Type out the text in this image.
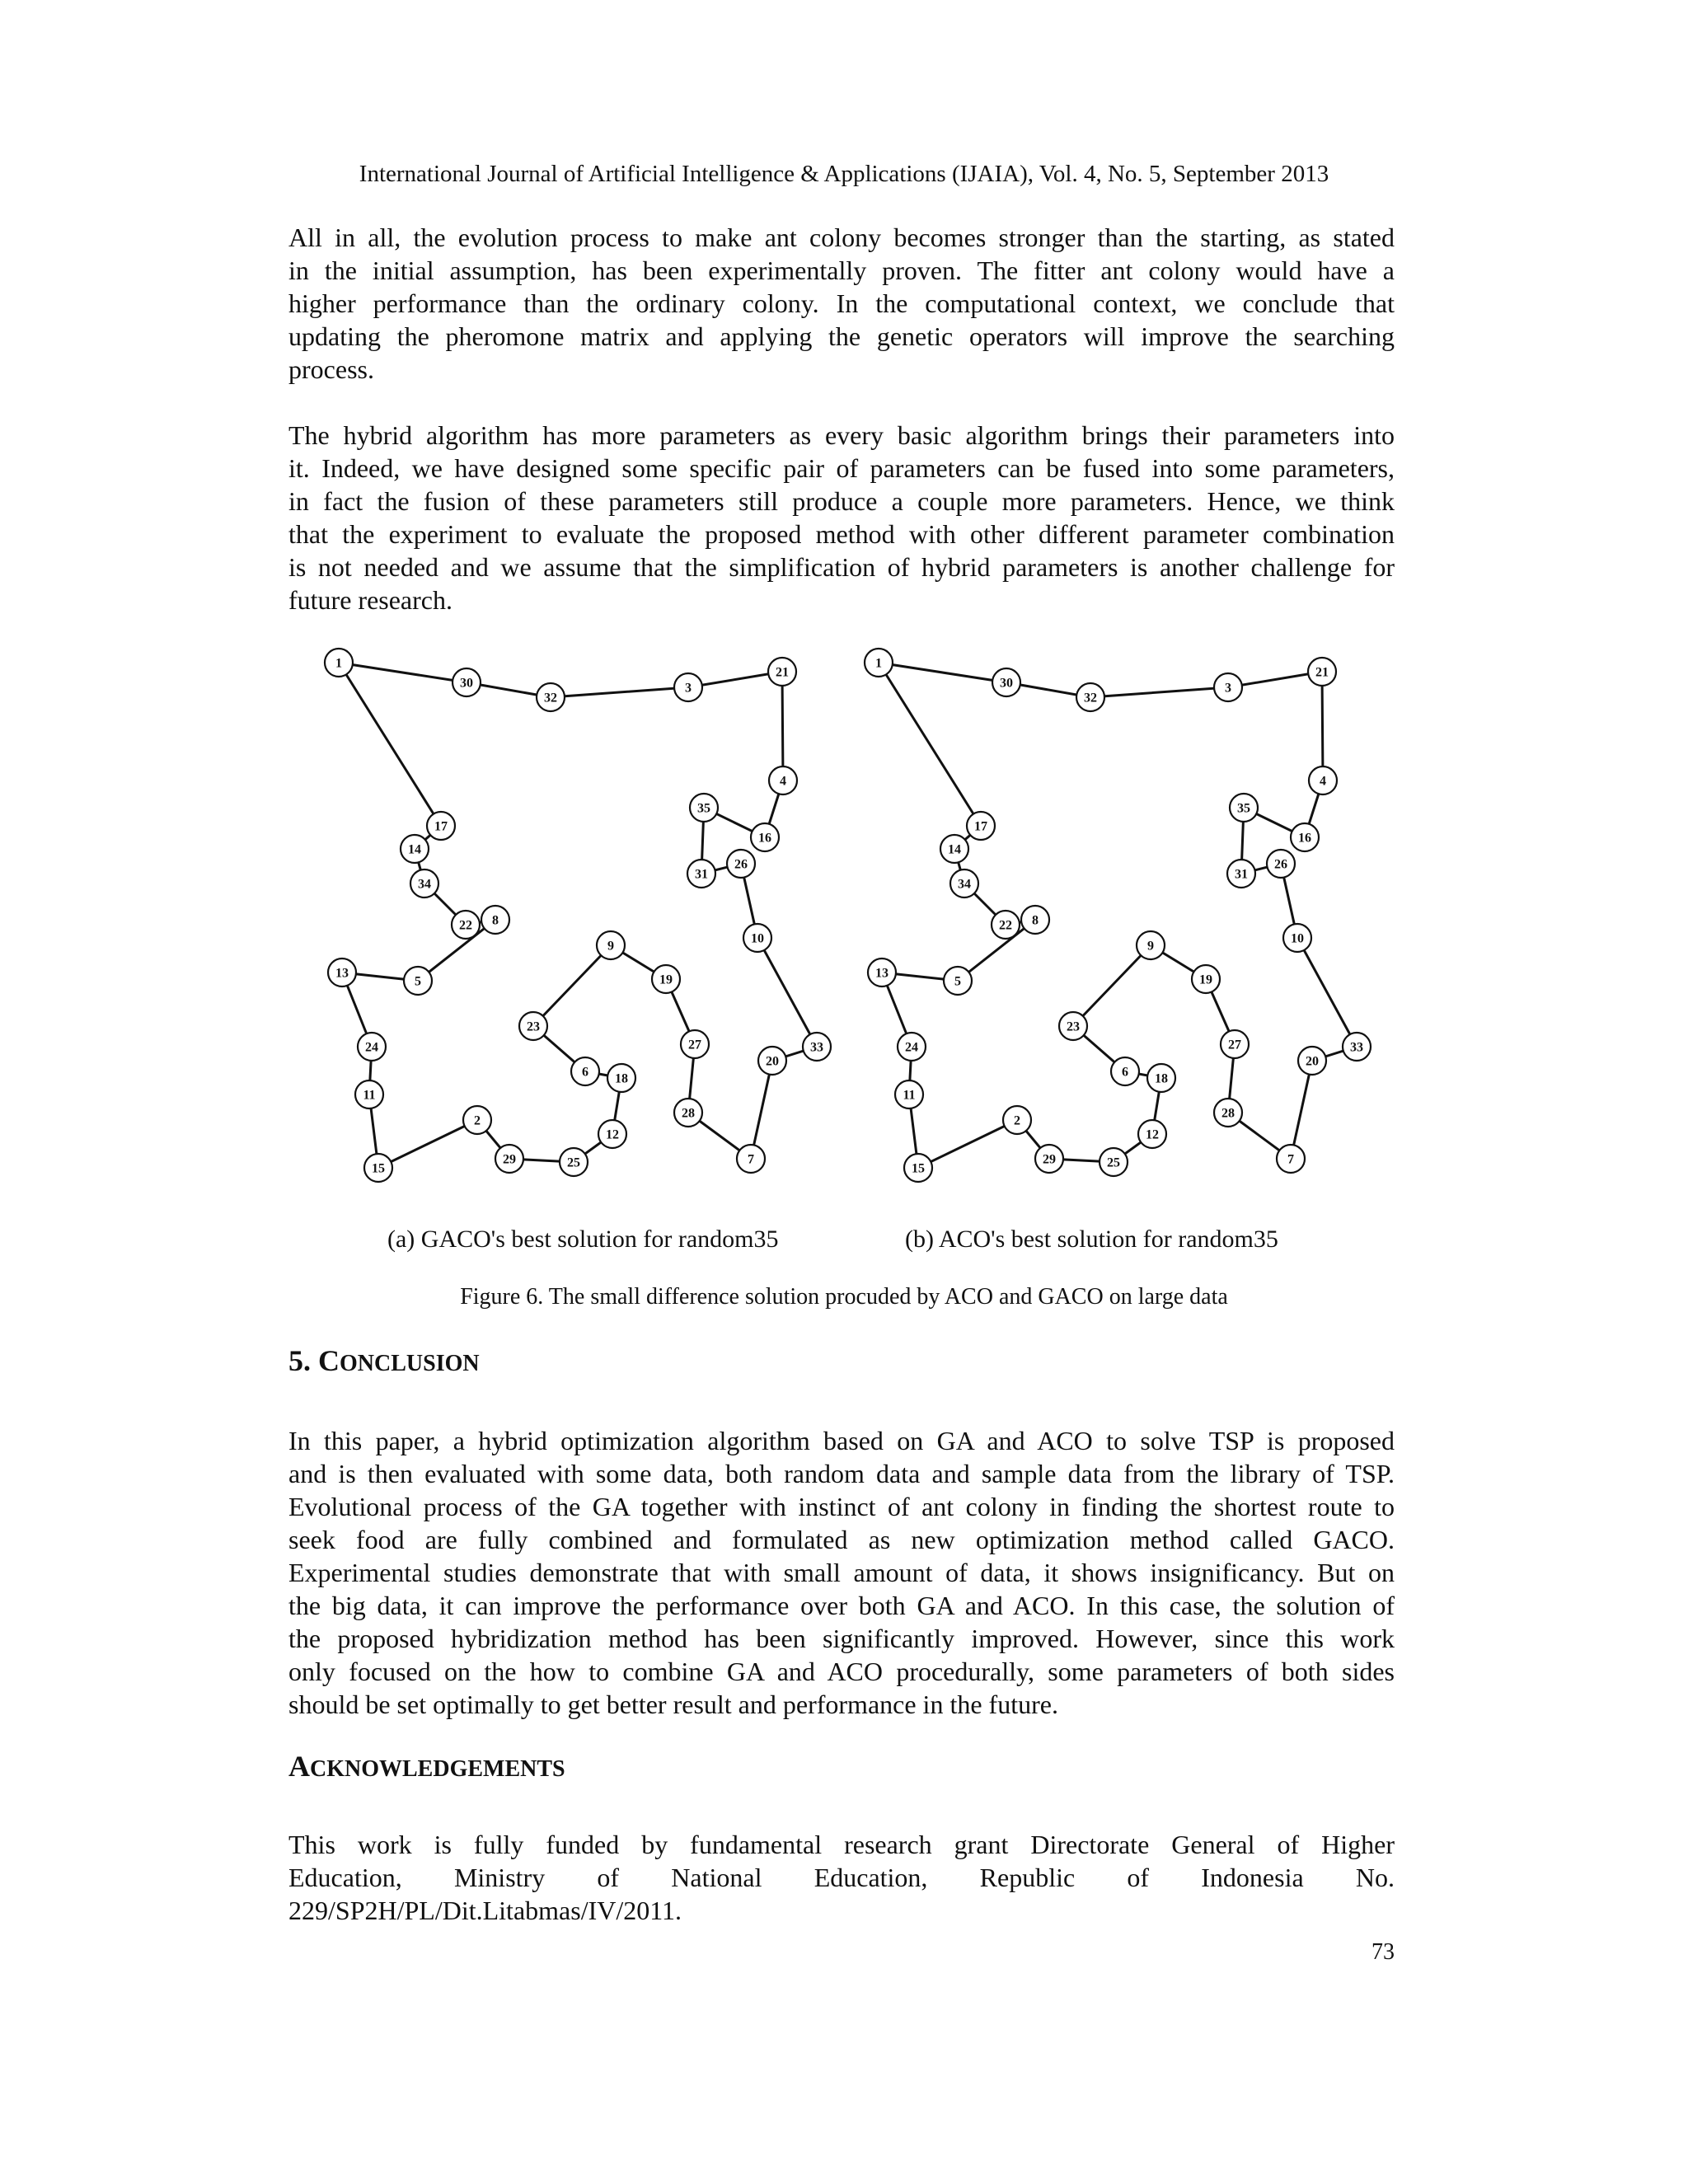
International Journal of Artificial Intelligence & Applications (IJAIA), Vol. 4, No. 5, September 2013

All in all, the evolution process to make ant colony becomes stronger than the starting, as stated
in the initial assumption, has been experimentally proven. The fitter ant colony would have a
higher performance than the ordinary colony. In the computational context, we conclude that
updating the pheromone matrix and applying the genetic operators will improve the searching
process.

The hybrid algorithm has more parameters as every basic algorithm brings their parameters into
it. Indeed, we have designed some specific pair of parameters can be fused into some parameters,
in fact the fusion of these parameters still produce a couple more parameters. Hence, we think
that the experiment to evaluate the proposed method with other different parameter combination
is not needed and we assume that the simplification of hybrid parameters is another challenge for
future research.

1
30
32
3
21
4
16
35
31
26
10
33
20
7
28
27
19
9
23
6 18
12
25
29
2
15
11
24
13
5
8
22
34
14
17
1
30
32
3
21
4
16
35
31
26
10
33
20
7
28
27
19
9
23
6 18
12
25
29
2
15
11
24
13
5
8
22
34
14
17
(a) GACO's best solution for random35	(b) ACO's best solution for random35
Figure 6. The small difference solution procuded by ACO and GACO on large data
5. CONCLUSION

In this paper, a hybrid optimization algorithm based on GA and ACO to solve TSP is proposed
and is then evaluated with some data, both random data and sample data from the library of TSP.
Evolutional process of the GA together with instinct of ant colony in finding the shortest route to
seek food are fully combined and formulated as new optimization method called GACO.
Experimental studies demonstrate that with small amount of data, it shows insignificancy. But on
the big data, it can improve the performance over both GA and ACO. In this case, the solution of
the proposed hybridization method has been significantly improved. However, since this work
only focused on the how to combine GA and ACO procedurally, some parameters of both sides
should be set optimally to get better result and performance in the future.

ACKNOWLEDGEMENTS

This work is fully funded by fundamental research grant Directorate General of Higher
Education, Ministry of National Education, Republic of Indonesia No.
229/SP2H/PL/Dit.Litabmas/IV/2011.

73
